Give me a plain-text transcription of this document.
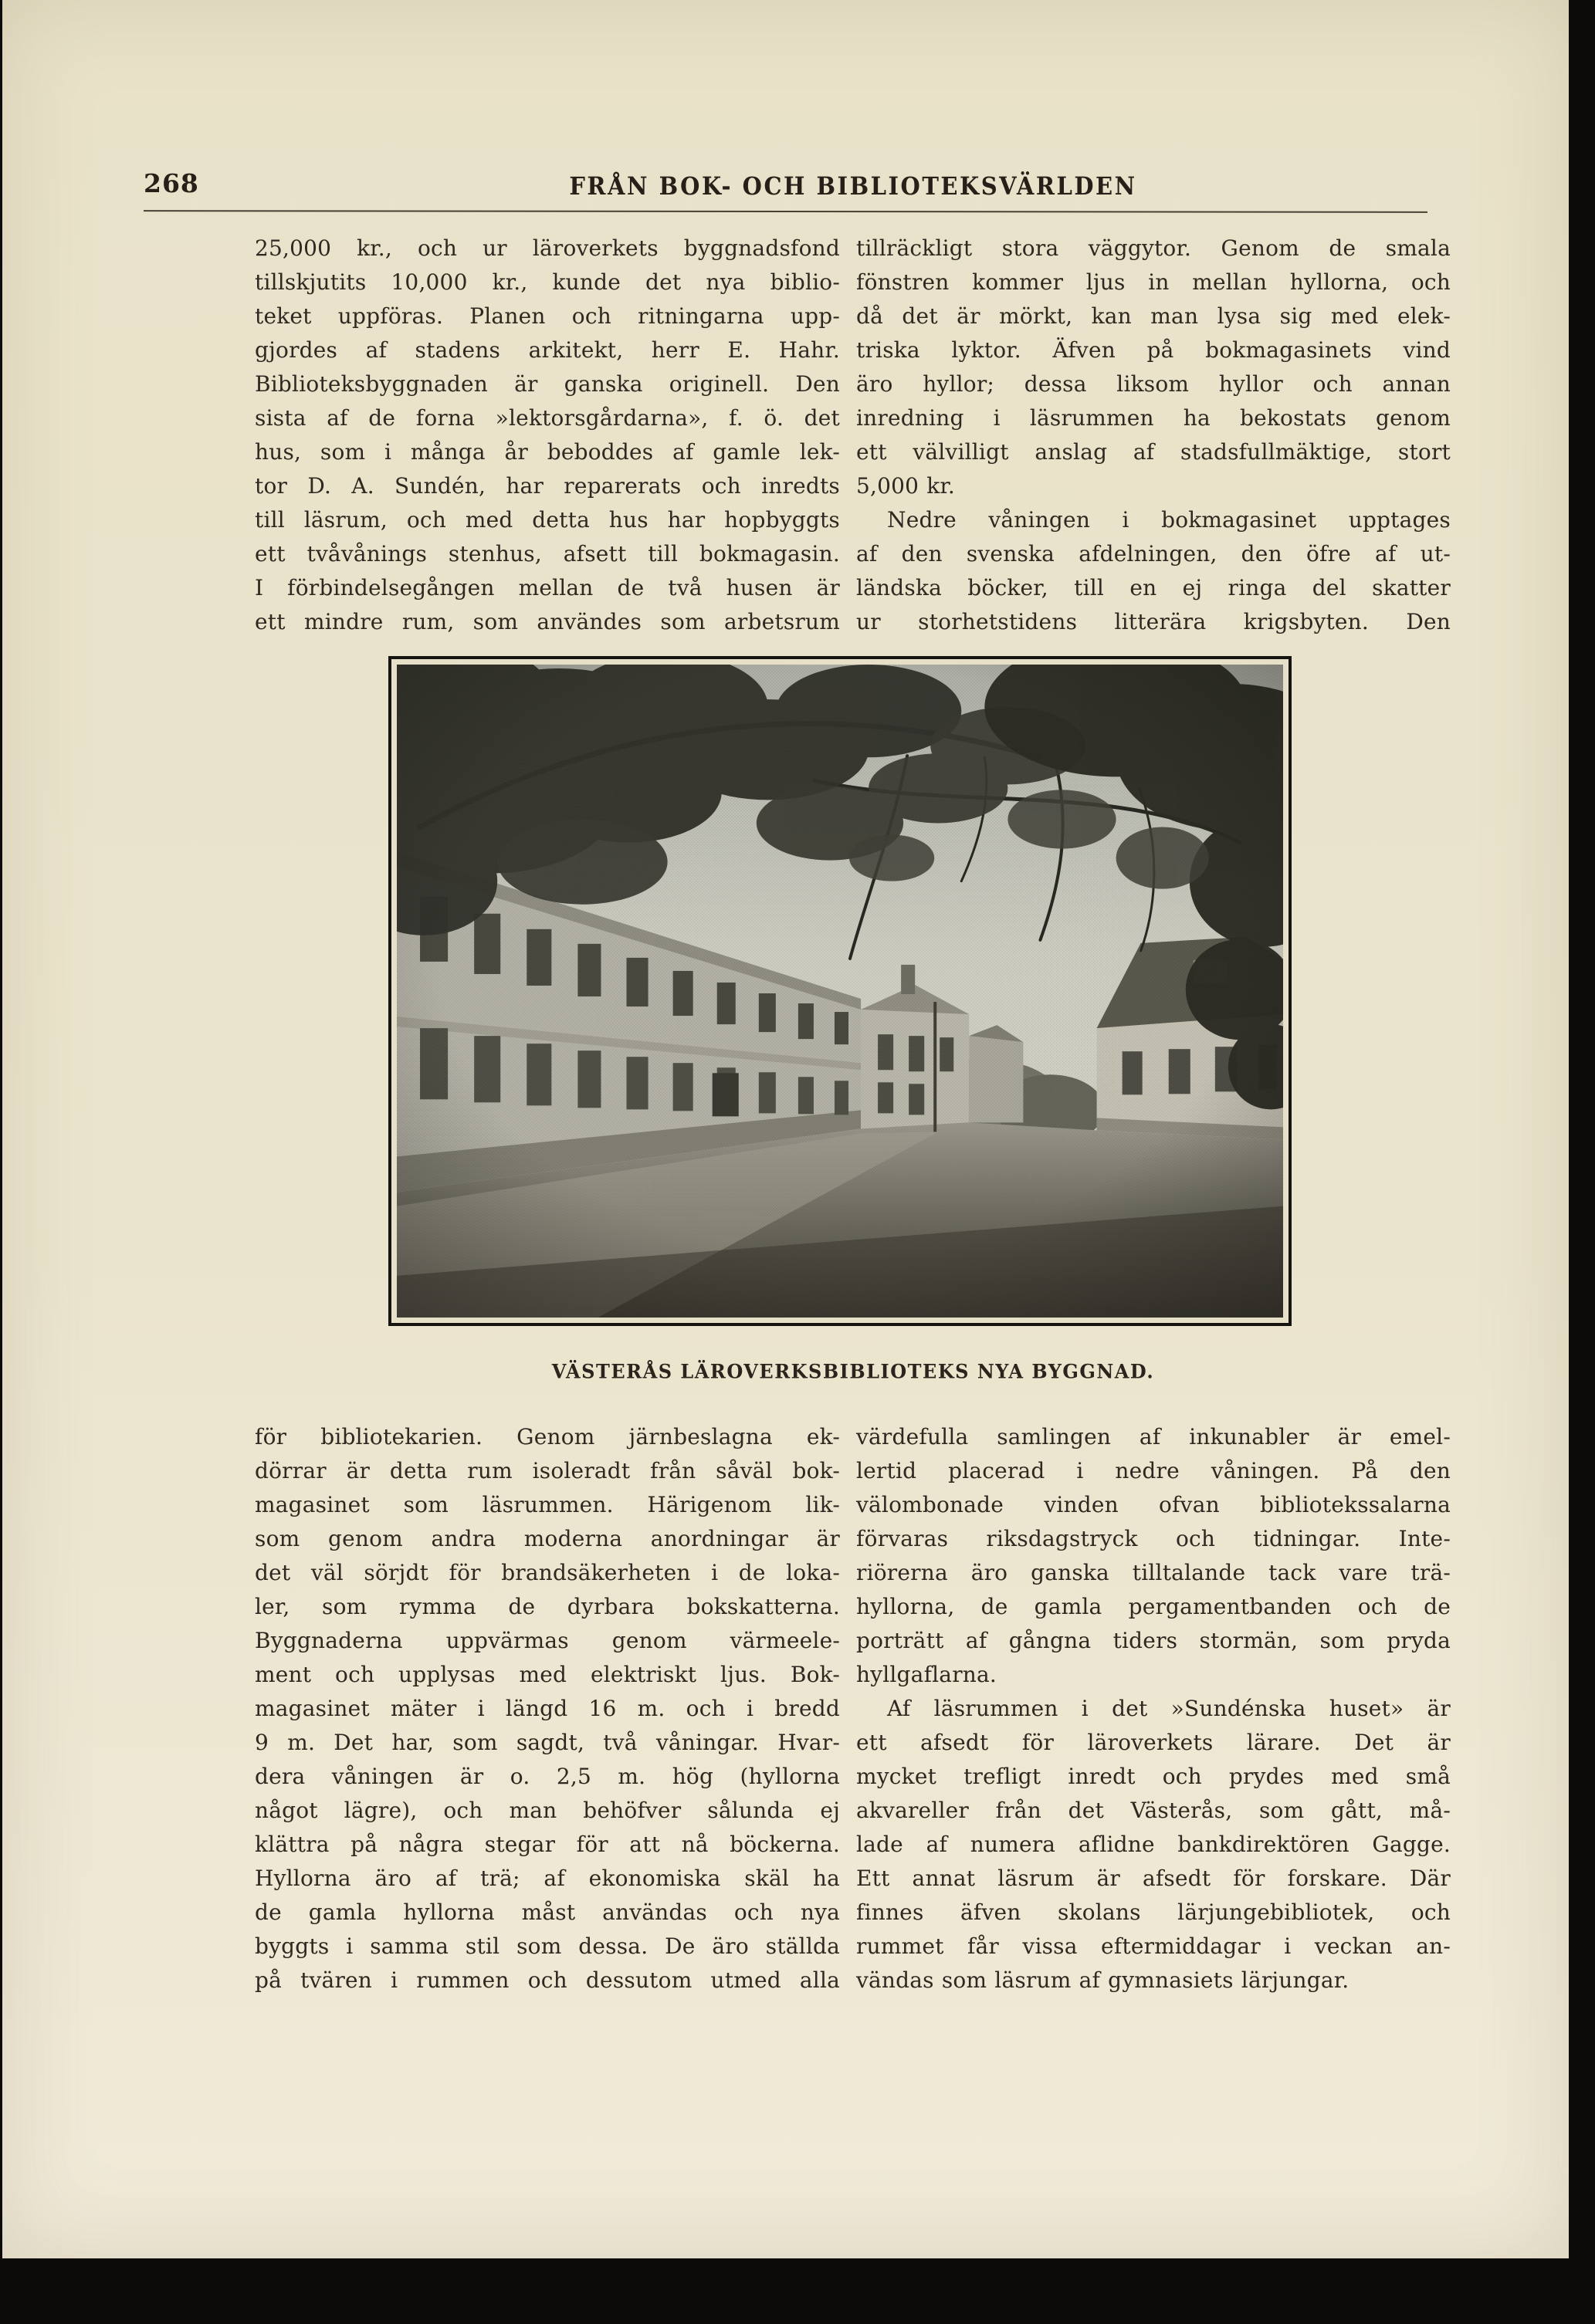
268	FRÅN BOK- OCH BIBLIOTEKSVÄRLDEN
25,000 kr., och ur läroverkets byggnadsfond
tillskjutits 10,000 kr., kunde det nya biblio-
teket uppföras. Planen och ritningarna upp-
gjordes af stadens arkitekt, herr E. Hahr.
Biblioteksbyggnaden är ganska originell. Den
sista af de forna »lektorsgårdarna», f. ö. det
hus, som i många år beboddes af gamle lek-
tor D. A. Sundén, har reparerats och inredts
till läsrum, och med detta hus har hopbyggts
ett tvåvånings stenhus, afsett till bokmagasin.
I förbindelsegången mellan de två husen är
ett mindre rum, som användes som arbetsrum
tillräckligt stora väggytor. Genom de smala
fönstren kommer ljus in mellan hyllorna, och
då det är mörkt, kan man lysa sig med elek-
triska lyktor. Äfven på bokmagasinets vind
äro hyllor; dessa liksom hyllor och annan
inredning i läsrummen ha bekostats genom
ett välvilligt anslag af stadsfullmäktige, stort
5,000 kr.
Nedre våningen i bokmagasinet upptages
af den svenska afdelningen, den öfre af ut-
ländska böcker, till en ej ringa del skatter
ur storhetstidens litterära krigsbyten. Den
VÄSTERÅS LÄROVERKSBIBLIOTEKS NYA BYGGNAD.
för bibliotekarien. Genom järnbeslagna ek-
dörrar är detta rum isoleradt från såväl bok-
magasinet som läsrummen. Härigenom lik-
som genom andra moderna anordningar är
det väl sörjdt för brandsäkerheten i de loka-
ler, som rymma de dyrbara bokskatterna.
Byggnaderna uppvärmas genom värmeele-
ment och upplysas med elektriskt ljus. Bok-
magasinet mäter i längd 16 m. och i bredd
9 m. Det har, som sagdt, två våningar. Hvar-
dera våningen är o. 2,5 m. hög (hyllorna
något lägre), och man behöfver sålunda ej
klättra på några stegar för att nå böckerna.
Hyllorna äro af trä; af ekonomiska skäl ha
de gamla hyllorna måst användas och nya
byggts i samma stil som dessa. De äro ställda
på tvären i rummen och dessutom utmed alla
värdefulla samlingen af inkunabler är emel-
lertid placerad i nedre våningen. På den
välombonade vinden ofvan bibliotekssalarna
förvaras riksdagstryck och tidningar. Inte-
riörerna äro ganska tilltalande tack vare trä-
hyllorna, de gamla pergamentbanden och de
porträtt af gångna tiders stormän, som pryda
hyllgaflarna.
Af läsrummen i det »Sundénska huset» är
ett afsedt för läroverkets lärare. Det är
mycket trefligt inredt och prydes med små
akvareller från det Västerås, som gått, må-
lade af numera aflidne bankdirektören Gagge.
Ett annat läsrum är afsedt för forskare. Där
finnes äfven skolans lärjungebibliotek, och
rummet får vissa eftermiddagar i veckan an-
vändas som läsrum af gymnasiets lärjungar.
